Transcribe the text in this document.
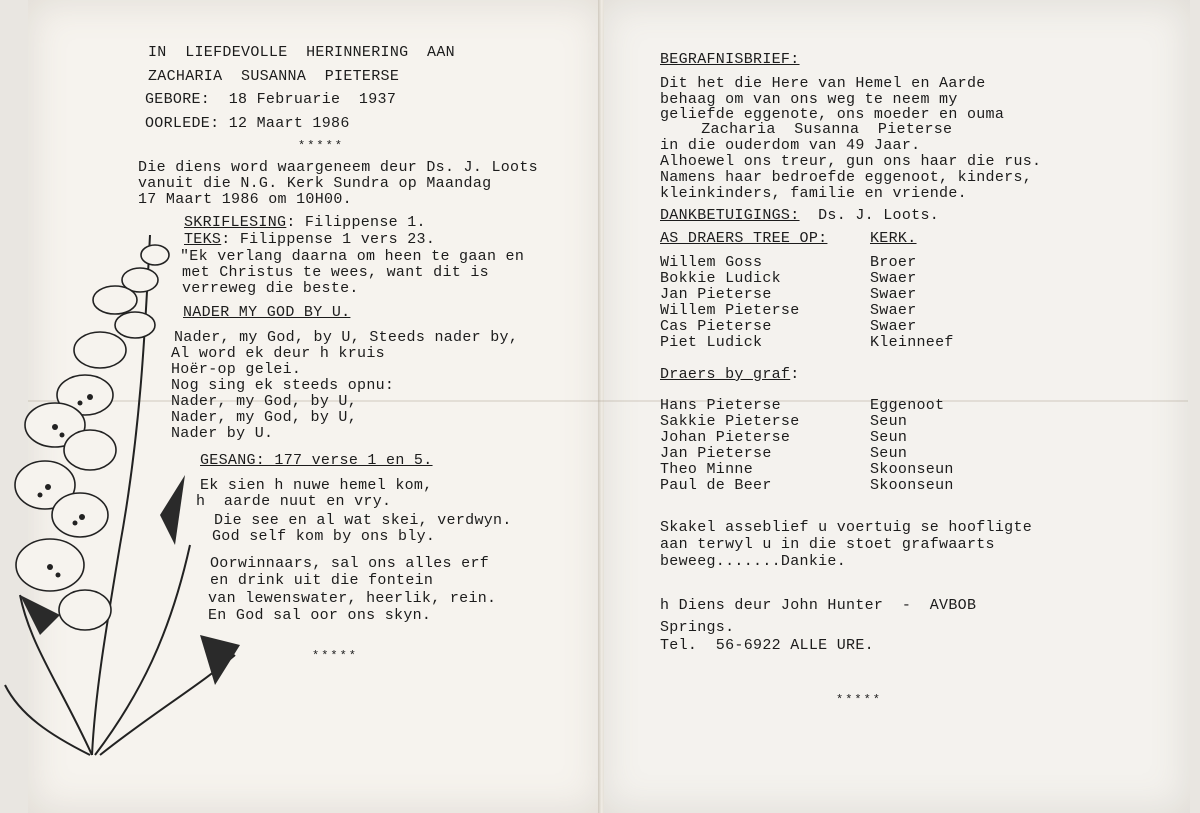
IN  LIEFDEVOLLE  HERINNERING  AAN
ZACHARIA  SUSANNA  PIETERSE
GEBORE:  18 Februarie  1937
OORLEDE: 12 Maart 1986
*****
Die diens word waargeneem deur Ds. J. Loots
vanuit die N.G. Kerk Sundra op Maandag
17 Maart 1986 om 10H00.
SKRIFLESING: Filippense 1.
TEKS: Filippense 1 vers 23.
"Ek verlang daarna om heen te gaan en
met Christus te wees, want dit is
verreweg die beste.
NADER MY GOD BY U.
Nader, my God, by U, Steeds nader by,
Al word ek deur h kruis
Hoër-op gelei.
Nog sing ek steeds opnu:
Nader, my God, by U,
Nader, my God, by U,
Nader by U.
GESANG: 177 verse 1 en 5.
Ek sien h nuwe hemel kom,
h  aarde nuut en vry.
Die see en al wat skei, verdwyn.
God self kom by ons bly.
Oorwinnaars, sal ons alles erf
en drink uit die fontein
van lewenswater, heerlik, rein.
En God sal oor ons skyn.
*****
BEGRAFNISBRIEF:
Dit het die Here van Hemel en Aarde
behaag om van ons weg te neem my
geliefde eggenote, ons moeder en ouma
Zacharia  Susanna  Pieterse
in die ouderdom van 49 Jaar.
Alhoewel ons treur, gun ons haar die rus.
Namens haar bedroefde eggenoot, kinders,
kleinkinders, familie en vriende.
DANKBETUIGINGS:  Ds. J. Loots.
AS DRAERS TREE OP:	KERK.
Willem Goss	Broer
Bokkie Ludick	Swaer
Jan Pieterse	Swaer
Willem Pieterse	Swaer
Cas Pieterse	Swaer
Piet Ludick	Kleinneef
Draers by graf:
Hans Pieterse	Eggenoot
Sakkie Pieterse	Seun
Johan Pieterse	Seun
Jan Pieterse	Seun
Theo Minne	Skoonseun
Paul de Beer	Skoonseun
Skakel asseblief u voertuig se hoofligte
aan terwyl u in die stoet grafwaarts
beweeg.......Dankie.
h Diens deur John Hunter  -  AVBOB
Springs.
Tel.  56-6922 ALLE URE.
*****
